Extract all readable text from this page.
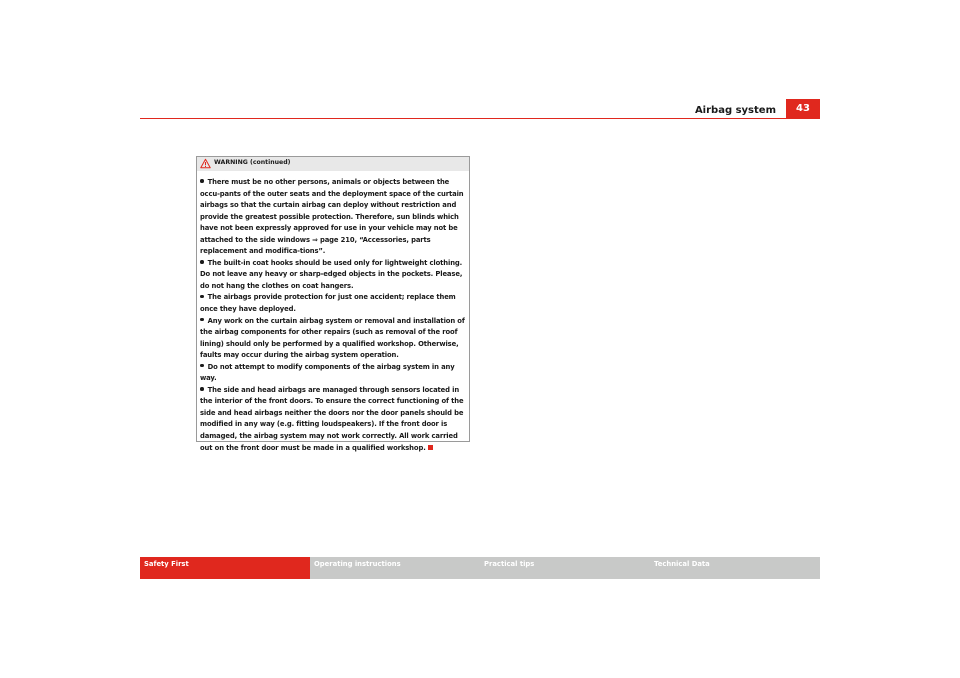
Airbag system	43
WARNING (continued)

There must be no other persons, animals or objects between the occu-pants of the outer seats and the deployment space of the curtain airbags so that the curtain airbag can deploy without restriction and provide the greatest possible protection. Therefore, sun blinds which have not been expressly approved for use in your vehicle may not be attached to the side windows ⇒ page 210, “Accessories, parts replacement and modifica-tions”.

The built-in coat hooks should be used only for lightweight clothing. Do not leave any heavy or sharp-edged objects in the pockets. Please, do not hang the clothes on coat hangers.

The airbags provide protection for just one accident; replace them once they have deployed.

Any work on the curtain airbag system or removal and installation of the airbag components for other repairs (such as removal of the roof lining) should only be performed by a qualified workshop. Otherwise, faults may occur during the airbag system operation.

Do not attempt to modify components of the airbag system in any way.

The side and head airbags are managed through sensors located in the interior of the front doors. To ensure the correct functioning of the side and head airbags neither the doors nor the door panels should be modified in any way (e.g. fitting loudspeakers). If the front door is damaged, the airbag system may not work correctly. All work carried out on the front door must be made in a qualified workshop.

Safety First	Operating instructions	Practical tips	Technical Data
